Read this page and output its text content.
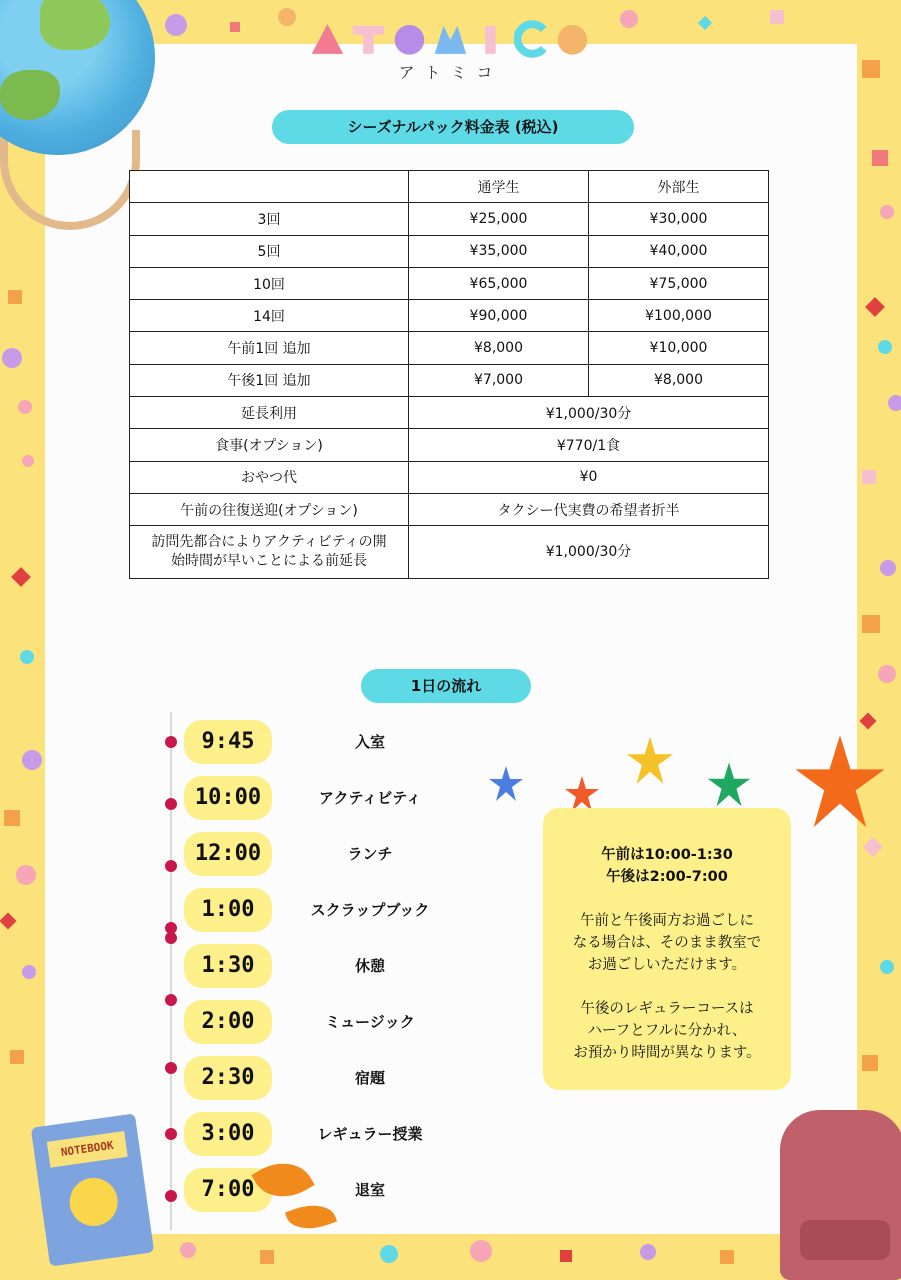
アトミコ
シーズナルパック料金表 (税込)
	通学生	外部生
3回	¥25,000	¥30,000
5回	¥35,000	¥40,000
10回	¥65,000	¥75,000
14回	¥90,000	¥100,000
午前1回 追加	¥8,000	¥10,000
午後1回 追加	¥7,000	¥8,000
延長利用	¥1,000/30分	
食事(オプション)	¥770/1食	
おやつ代	¥0	
午前の往復送迎(オプション)	タクシー代実費の希望者折半	
訪問先都合によりアクティビティの開
始時間が早いことによる前延長	¥1,000/30分	
1日の流れ
9:45	入室
10:00	アクティビティ
12:00	ランチ
1:00	スクラップブック
1:30	休憩
2:00	ミュージック
2:30	宿題
3:00	レギュラー授業
7:00	退室
午前は10:00-1:30
午後は2:00-7:00
午前と午後両方お過ごしに
なる場合は、そのまま教室で
お過ごしいただけます。
午後のレギュラーコースは
ハーフとフルに分かれ、
お預かり時間が異なります。
NOTEBOOK
